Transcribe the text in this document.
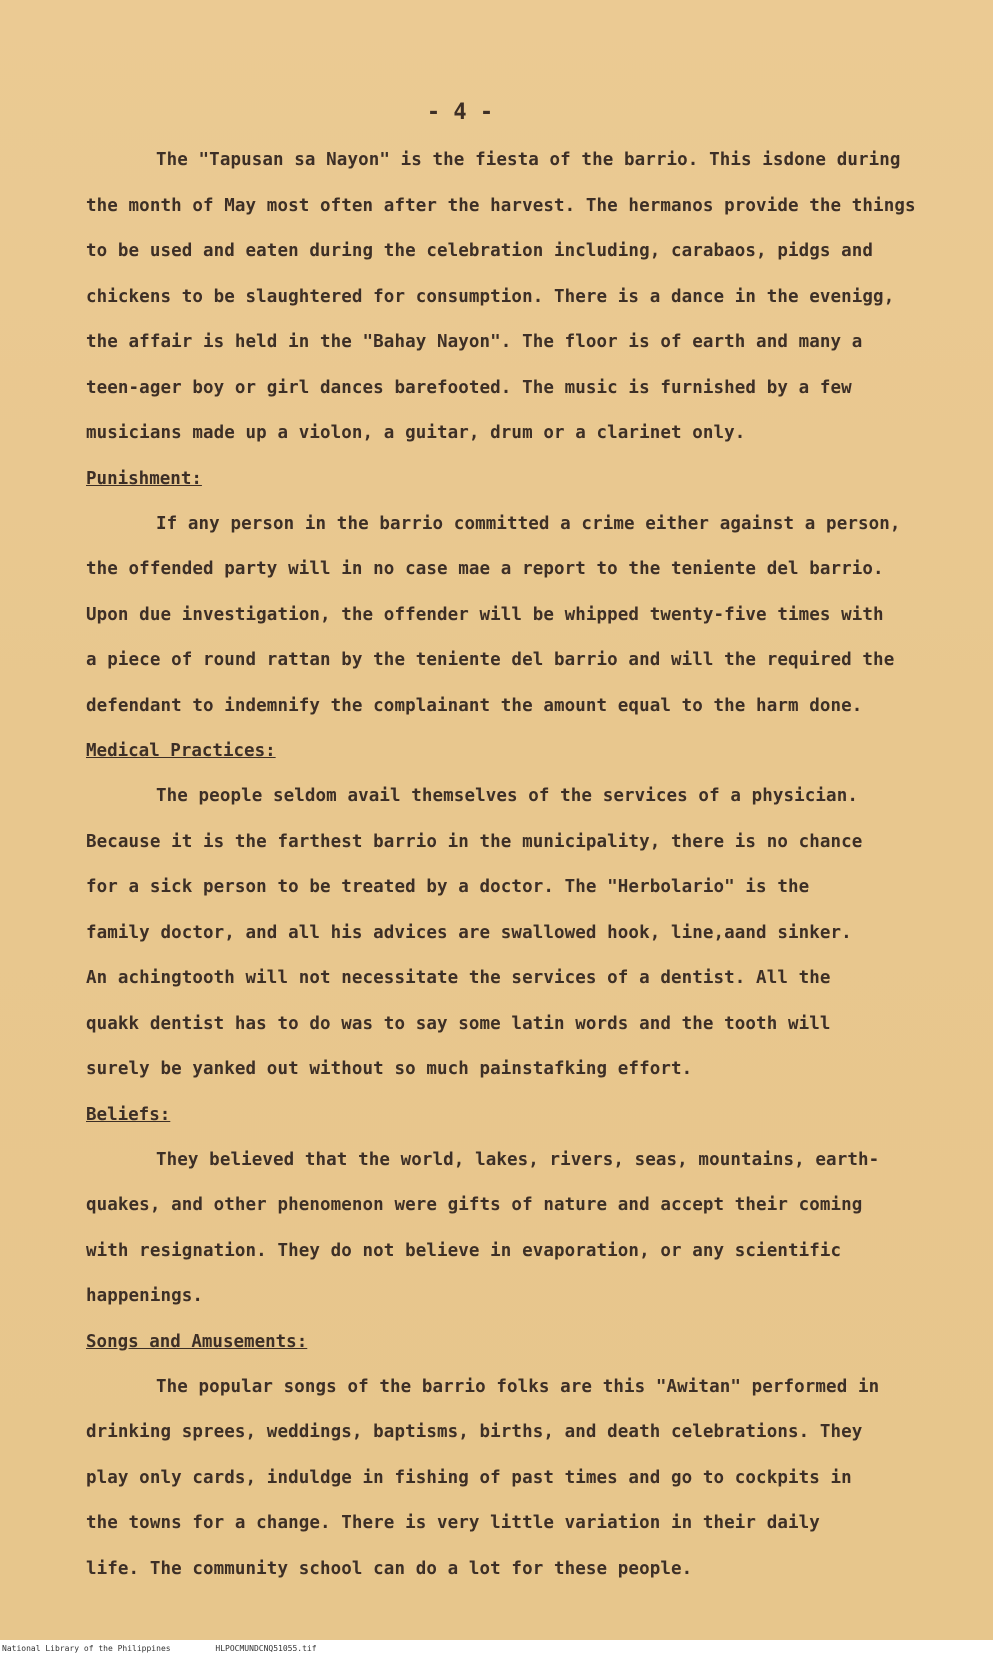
- 4 -

The "Tapusan sa Nayon" is the fiesta of the barrio. This isdone during
the month of May most often after the harvest. The hermanos provide the things
to be used and eaten during the celebration including, carabaos, pidgs and
chickens to be slaughtered for consumption. There is a dance in the evenigg,
the affair is held in the "Bahay Nayon". The floor is of earth and many a
teen-ager boy or girl dances barefooted. The music is furnished by a few
musicians made up a violon, a guitar, drum or a clarinet only.

Punishment:

If any person in the barrio committed a crime either against a person,
the offended party will in no case mae a report to the teniente del barrio.
Upon due investigation, the offender will be whipped twenty-five times with
a piece of round rattan by the teniente del barrio and will the required the
defendant to indemnify the complainant the amount equal to the harm done.

Medical Practices:

The people seldom avail themselves of the services of a physician.
Because it is the farthest barrio in the municipality, there is no chance
for a sick person to be treated by a doctor. The "Herbolario" is the
family doctor, and all his advices are swallowed hook, line,aand sinker.
An achingtooth will not necessitate the services of a dentist. All the
quakk dentist has to do was to say some latin words and the tooth will
surely be yanked out without so much painstafking effort.

Beliefs:

They believed that the world, lakes, rivers, seas, mountains, earth-
quakes, and other phenomenon were gifts of nature and accept their coming
with resignation. They do not believe in evaporation, or any scientific
happenings.

Songs and Amusements:

The popular songs of the barrio folks are this "Awitan" performed in
drinking sprees, weddings, baptisms, births, and death celebrations. They
play only cards, induldge in fishing of past times and go to cockpits in
the towns for a change. There is very little variation in their daily
life. The community school can do a lot for these people.

National Library of the Philippines	HLPOCMUNDCNQ51055.tif
